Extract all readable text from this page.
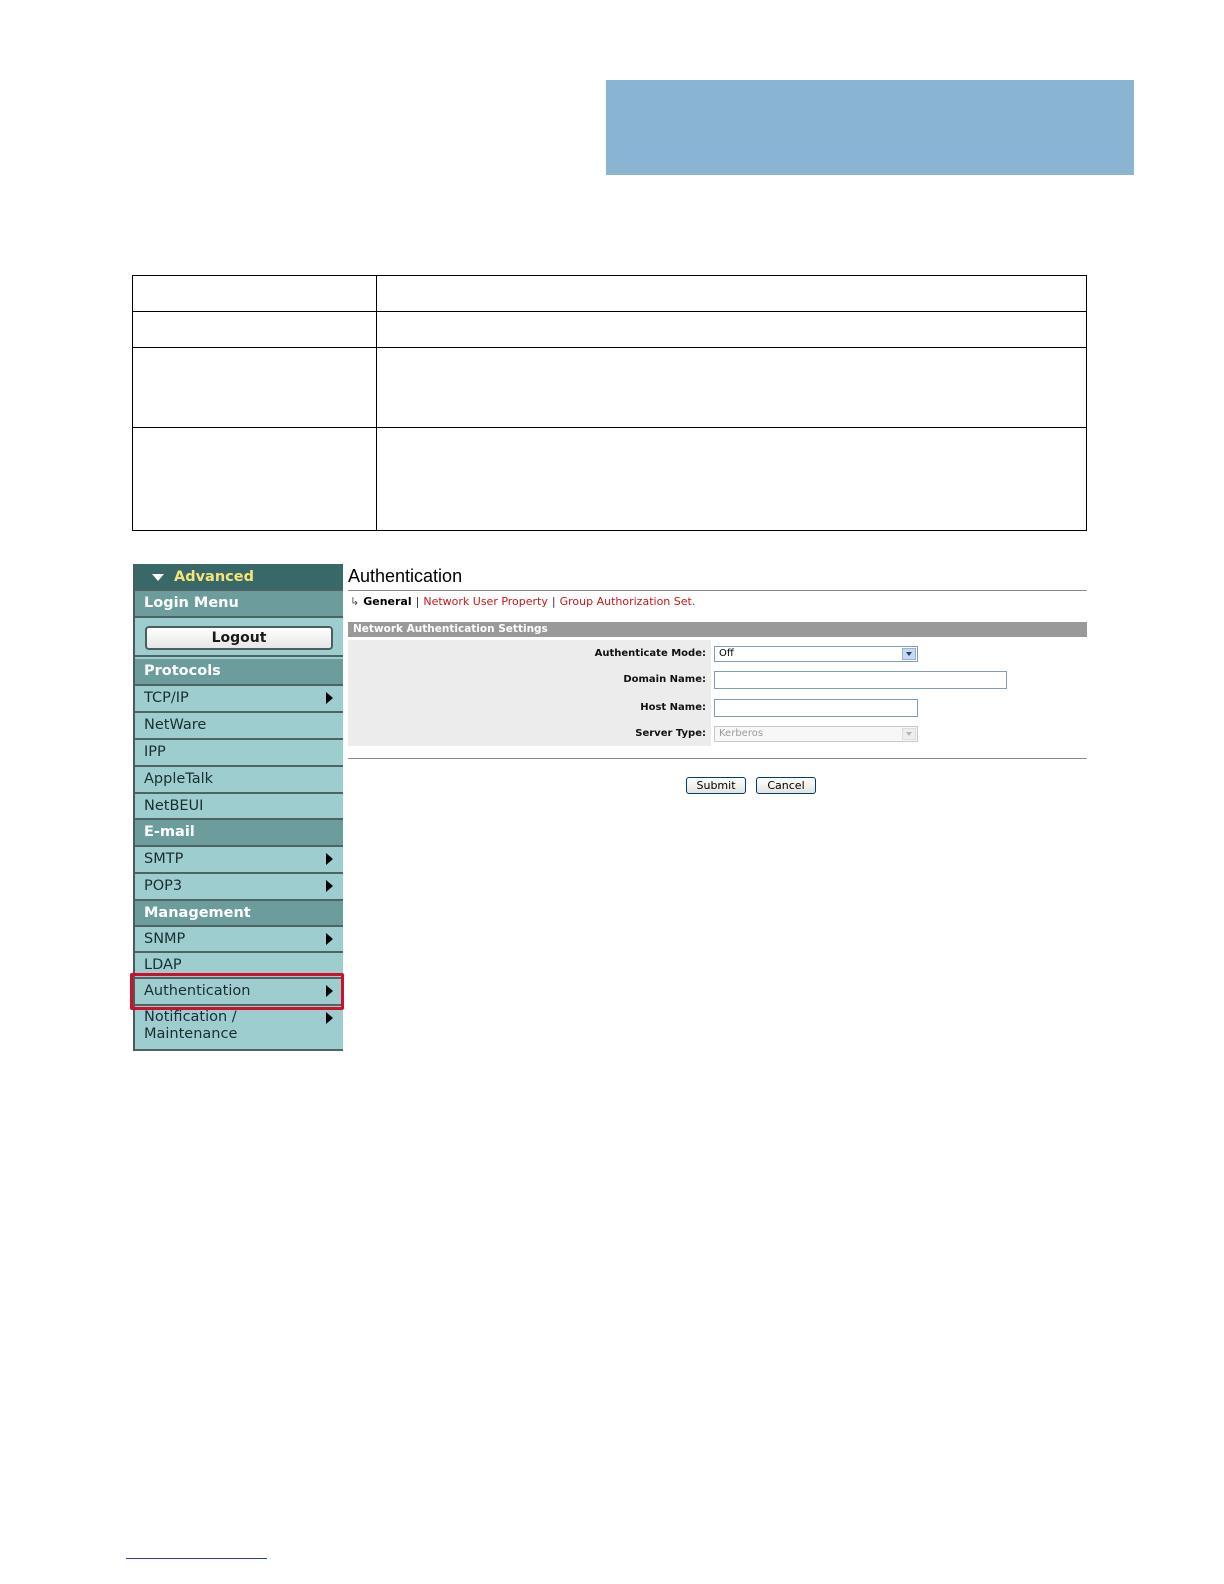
Advanced
Login Menu
Logout
Protocols
TCP/IP
NetWare
IPP
AppleTalk
NetBEUI
E-mail
SMTP
POP3
Management
SNMP
LDAP
Authentication
Notification /
Maintenance
Authentication
↳ General | Network User Property | Group Authorization Set.
Network Authentication Settings
Authenticate Mode:	Off
Domain Name:
Host Name:
Server Type:	Kerberos
Submit	Cancel
